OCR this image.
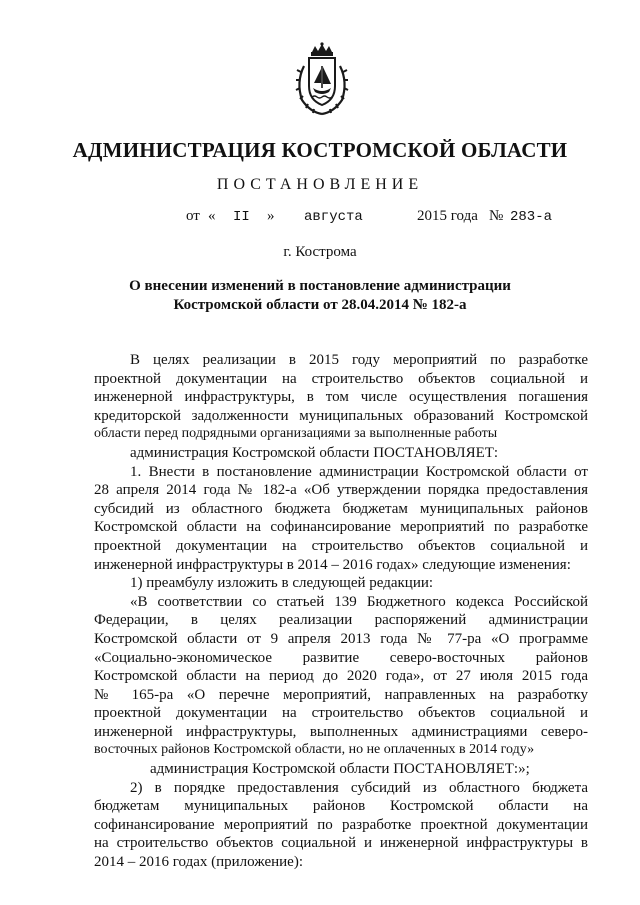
АДМИНИСТРАЦИЯ КОСТРОМСКОЙ ОБЛАСТИ
ПОСТАНОВЛЕНИЕ
от « II » августа	2015 года № 283-а
г. Кострома
О внесении изменений в постановление администрации
Костромской области от 28.04.2014 № 182-а

В целях реализации в 2015 году мероприятий по разработке
проектной документации на строительство объектов социальной и
инженерной инфраструктуры, в том числе осуществления погашения
кредиторской задолженности муниципальных образований Костромской
области перед подрядными организациями за выполненные работы

администрация Костромской области ПОСТАНОВЛЯЕТ:

1. Внести в постановление администрации Костромской области от
28 апреля 2014 года № 182-а «Об утверждении порядка предоставления
субсидий из областного бюджета бюджетам муниципальных районов
Костромской области на софинансирование мероприятий по разработке
проектной документации на строительство объектов социальной и
инженерной инфраструктуры в 2014 – 2016 годах» следующие изменения:

1) преамбулу изложить в следующей редакции:

«В соответствии со статьей 139 Бюджетного кодекса Российской
Федерации, в целях реализации распоряжений администрации
Костромской области от 9 апреля 2013 года № 77-ра «О программе
«Социально-экономическое развитие северо-восточных районов
Костромской области на период до 2020 года», от 27 июля 2015 года
№ 165-ра «О перечне мероприятий, направленных на разработку
проектной документации на строительство объектов социальной и
инженерной инфраструктуры, выполненных администрациями северо-
восточных районов Костромской области, но не оплаченных в 2014 году»

администрация Костромской области ПОСТАНОВЛЯЕТ:»;

2) в порядке предоставления субсидий из областного бюджета
бюджетам муниципальных районов Костромской области на
софинансирование мероприятий по разработке проектной документации
на строительство объектов социальной и инженерной инфраструктуры в
2014 – 2016 годах (приложение):
